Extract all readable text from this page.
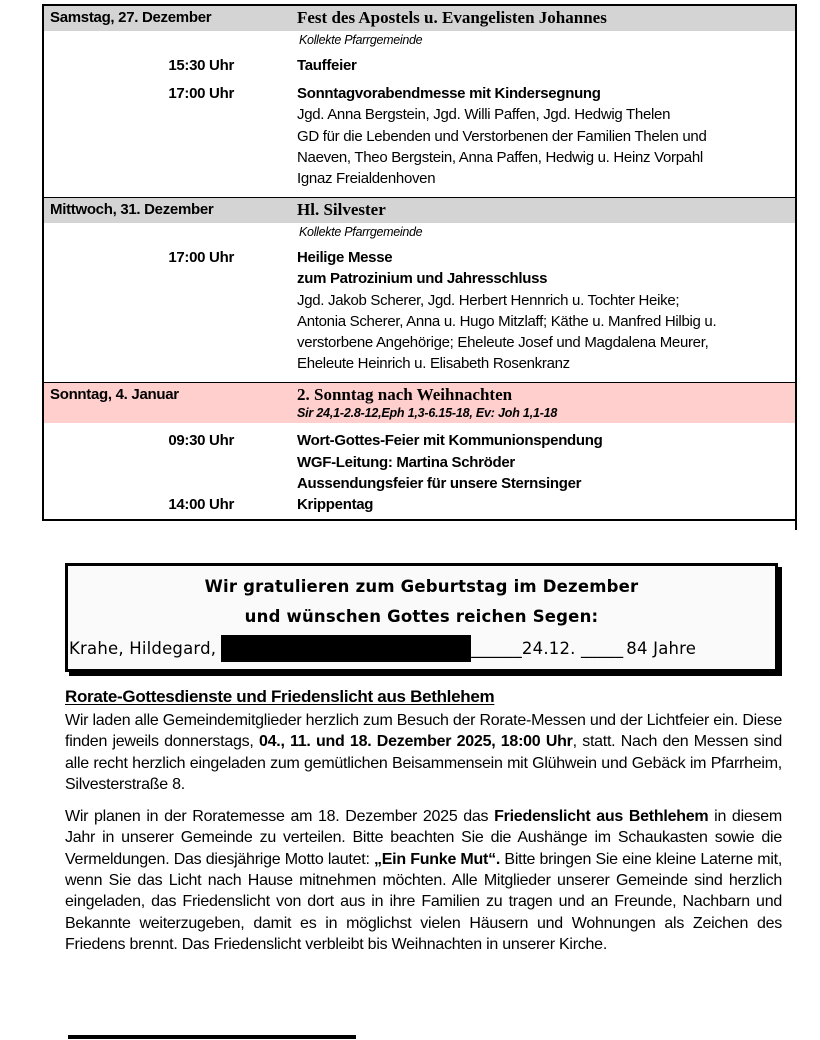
Samstag, 27. Dezember	Fest des Apostels u. Evangelisten Johannes
Kollekte Pfarrgemeinde
15:30 Uhr	Tauffeier
17:00 Uhr	Sonntagvorabendmesse mit Kindersegnung
Jgd. Anna Bergstein, Jgd. Willi Paffen, Jgd. Hedwig Thelen
GD für die Lebenden und Verstorbenen der Familien Thelen und
Naeven, Theo Bergstein, Anna Paffen, Hedwig u. Heinz Vorpahl
Ignaz Freialdenhoven
Mittwoch, 31. Dezember	Hl. Silvester
Kollekte Pfarrgemeinde
17:00 Uhr	Heilige Messe
zum Patrozinium und Jahresschluss
Jgd. Jakob Scherer, Jgd. Herbert Hennrich u. Tochter Heike;
Antonia Scherer, Anna u. Hugo Mitzlaff; Käthe u. Manfred Hilbig u.
verstorbene Angehörige; Eheleute Josef und Magdalena Meurer,
Eheleute Heinrich u. Elisabeth Rosenkranz
Sonntag, 4. Januar	2. Sonntag nach Weihnachten
Sir 24,1-2.8-12,Eph 1,3-6.15-18, Ev: Joh 1,1-18
09:30 Uhr	Wort-Gottes-Feier mit Kommunionspendung
WGF-Leitung: Martina Schröder
Aussendungsfeier für unsere Sternsinger
14:00 Uhr	Krippentag
Wir gratulieren zum Geburtstag im Dezember
und wünschen Gottes reichen Segen:
Krahe, Hildegard,	______24.12. _____ 84 Jahre
Rorate-Gottesdienste und Friedenslicht aus Bethlehem

Wir laden alle Gemeindemitglieder herzlich zum Besuch der Rorate-Messen und der Lichtfeier ein. Diese finden jeweils donnerstags, 04., 11. und 18. Dezember 2025, 18:00 Uhr, statt. Nach den Messen sind alle recht herzlich eingeladen zum gemütlichen Beisammensein mit Glühwein und Gebäck im Pfarrheim, Silvesterstraße 8.

Wir planen in der Roratemesse am 18. Dezember 2025 das Friedenslicht aus Bethlehem in diesem Jahr in unserer Gemeinde zu verteilen. Bitte beachten Sie die Aushänge im Schaukasten sowie die Vermeldungen. Das diesjährige Motto lautet: „Ein Funke Mut“. Bitte bringen Sie eine kleine Laterne mit, wenn Sie das Licht nach Hause mitnehmen möchten. Alle Mitglieder unserer Gemeinde sind herzlich eingeladen, das Friedenslicht von dort aus in ihre Familien zu tragen und an Freunde, Nachbarn und Bekannte weiterzugeben, damit es in möglichst vielen Häusern und Wohnungen als Zeichen des Friedens brennt. Das Friedenslicht verbleibt bis Weihnachten in unserer Kirche.
